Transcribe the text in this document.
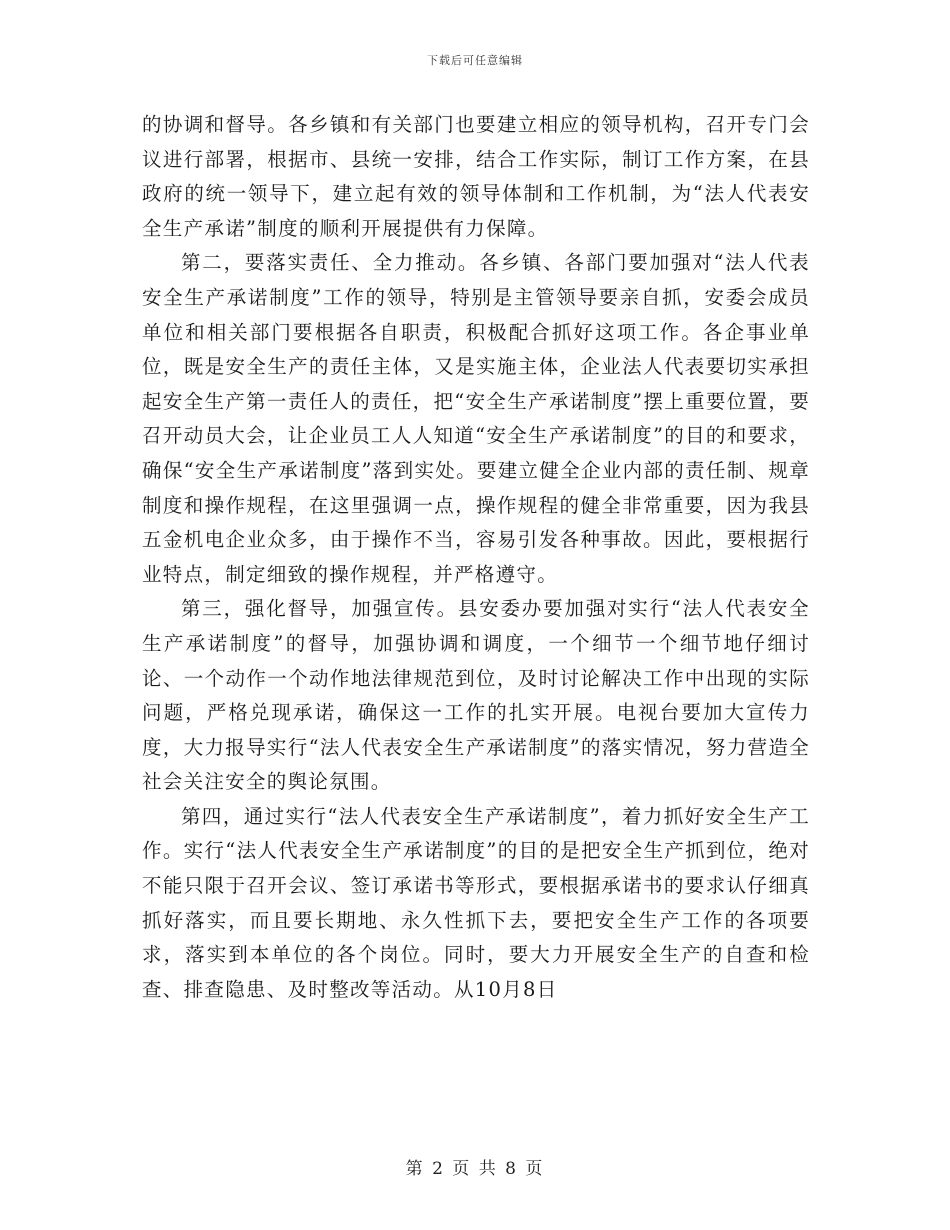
下载后可任意编辑

的协调和督导。各乡镇和有关部门也要建立相应的领导机构，召开专门会议进行部署，根据市、县统一安排，结合工作实际，制订工作方案，在县政府的统一领导下，建立起有效的领导体制和工作机制，为“法人代表安全生产承诺”制度的顺利开展提供有力保障。

第二，要落实责任、全力推动。各乡镇、各部门要加强对“法人代表安全生产承诺制度”工作的领导，特别是主管领导要亲自抓，安委会成员单位和相关部门要根据各自职责，积极配合抓好这项工作。各企事业单位，既是安全生产的责任主体，又是实施主体，企业法人代表要切实承担起安全生产第一责任人的责任，把“安全生产承诺制度”摆上重要位置，要召开动员大会，让企业员工人人知道“安全生产承诺制度”的目的和要求，确保“安全生产承诺制度”落到实处。要建立健全企业内部的责任制、规章制度和操作规程，在这里强调一点，操作规程的健全非常重要，因为我县五金机电企业众多，由于操作不当，容易引发各种事故。因此，要根据行业特点，制定细致的操作规程，并严格遵守。

第三，强化督导，加强宣传。县安委办要加强对实行“法人代表安全生产承诺制度”的督导，加强协调和调度，一个细节一个细节地仔细讨论、一个动作一个动作地法律规范到位，及时讨论解决工作中出现的实际问题，严格兑现承诺，确保这一工作的扎实开展。电视台要加大宣传力度，大力报导实行“法人代表安全生产承诺制度”的落实情况，努力营造全社会关注安全的舆论氛围。

第四，通过实行“法人代表安全生产承诺制度”，着力抓好安全生产工作。实行“法人代表安全生产承诺制度”的目的是把安全生产抓到位，绝对不能只限于召开会议、签订承诺书等形式，要根据承诺书的要求认仔细真抓好落实，而且要长期地、永久性抓下去，要把安全生产工作的各项要求，落实到本单位的各个岗位。同时，要大力开展安全生产的自查和检查、排查隐患、及时整改等活动。从10月8日

第 2 页 共 8 页
